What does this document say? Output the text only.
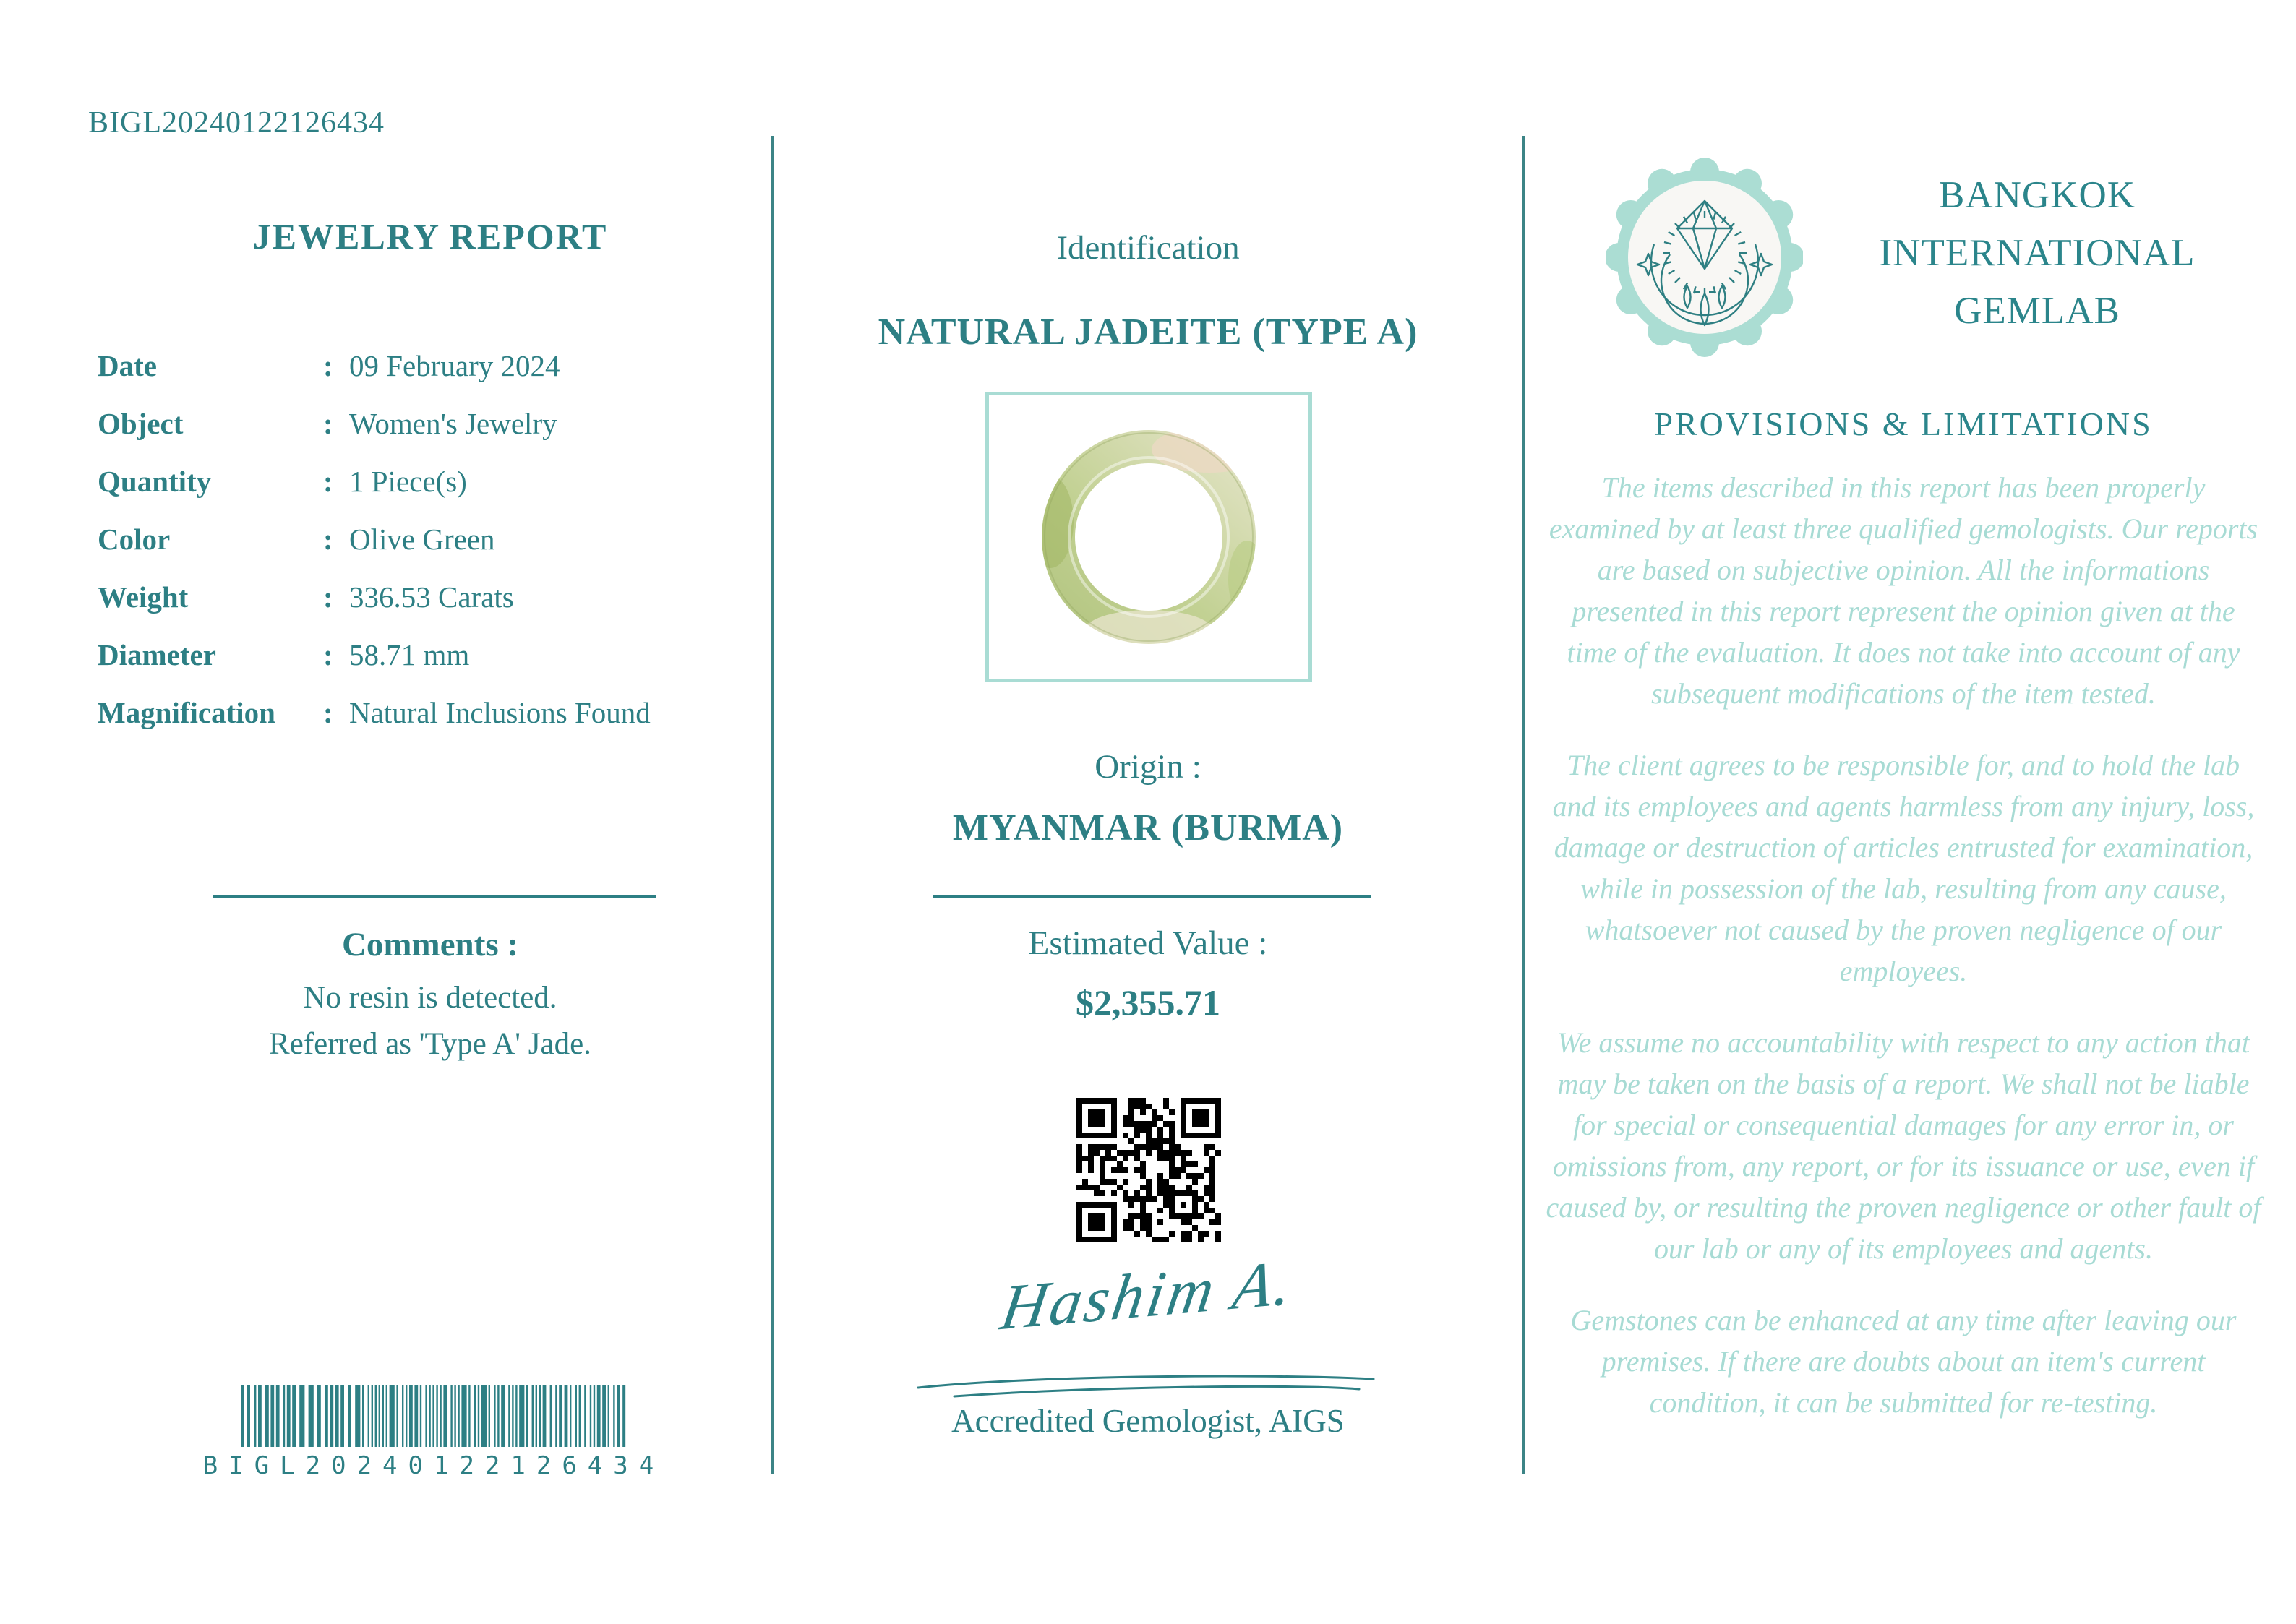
BIGL20240122126434
JEWELRY REPORT
Date	: 09 February 2024
Object	: Women's Jewelry
Quantity	: 1 Piece(s)
Color	: Olive Green
Weight	: 336.53 Carats
Diameter	: 58.71 mm
Magnification	: Natural Inclusions Found
Comments :
No resin is detected.
Referred as 'Type A' Jade.
BIGL20240122126434
Identification
NATURAL JADEITE (TYPE A)
Origin :
MYANMAR (BURMA)
Estimated Value :
$2,355.71
Hashim A.
Accredited Gemologist, AIGS
BANGKOK
INTERNATIONAL
GEMLAB
PROVISIONS & LIMITATIONS

The items described in this report has been properly examined by at least three qualified gemologists. Our reports are based on subjective opinion. All the informations presented in this report represent the opinion given at the time of the evaluation. It does not take into account of any subsequent modifications of the item tested.

The client agrees to be responsible for, and to hold the lab and its employees and agents harmless from any injury, loss, damage or destruction of articles entrusted for examination, while in possession of the lab, resulting from any cause, whatsoever not caused by the proven negligence of our employees.

We assume no accountability with respect to any action that may be taken on the basis of a report. We shall not be liable for special or consequential damages for any error in, or omissions from, any report, or for its issuance or use, even if caused by, or resulting the proven negligence or other fault of our lab or any of its employees and agents.

Gemstones can be enhanced at any time after leaving our premises. If there are doubts about an item's current condition, it can be submitted for re-testing.
